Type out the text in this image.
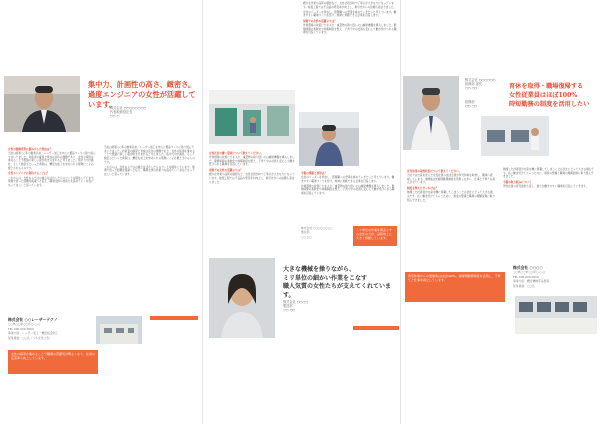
集中力、計画性の高さ、緻密さ。
過度エンジニアの女性が活躍しています。
株式会社 ○○○○○○○○
代表取締役社長
○○ ○
女性の積極登用に踏み出した理由は？

当社は昭和○○年の創業以来、レーザー加工を中心に製品づくりに取り組んでまいりました。技術者の確保と育成は長年の課題であり、女性の採用を進めることで組織に新しい風が吹き込まれると考えました。集中力や計画性、そして緻密さといった資質は、精密な加工を求められる現場にこそ必要とされるものです。

女性エンジニアに期待することは？

これからは、女性ならではの視点を活かしたものづくりを期待しています。現場で培った経験を後輩へと伝え、職場全体の技術力を高めていく存在になってほしいと思っています。

当社は昭和○○年の創業以来、レーザー加工を中心に製品づくりに取り組んでまいりました。技術者の確保と育成は長年の課題であり、女性の採用を進めることで組織に新しい風が吹き込まれると考えました。集中力や計画性、そして緻密さといった資質は、精密な加工を求められる現場にこそ必要とされるものです。

これからは、女性ならではの視点を活かしたものづくりを期待しています。現場で培った経験を後輩へと伝え、職場全体の技術力を高めていく存在になってほしいと思っています。

株式会社 ○○レーザーテクノ
○○県○○市○○町○-○-○
TEL 000-000-0000
事業内容：レーザー加工・精密板金加工
従業員数：○○名（うち女性○名）
女性の採用を進めることで職場の雰囲気が明るくなり、社員の定着率も向上しています。
女性社員の働く環境について教えてください。

作業環境の改善に力を入れ、重量物の取り扱いには補助機器を導入しました。勤務時間の柔軟化や休暇制度を整え、子育て中の社員も安心して働き続けられる職場を目指しています。

現場での女性の活躍ぶりは？

細かな作業や品質の確認など、女性社員が持つ丁寧さが大きな力になっています。検査工程では不良品の発見率が向上し、取引先からの信頼も高まりました。

今後の課題と展望は？

女性のリーダーを育成し、管理職への登用を進めていきたいと考えています。働きやすい職場づくりを続け、地域に貢献できる企業を目指します。

作業環境の改善に力を入れ、重量物の取り扱いには補助機器を導入しました。勤務時間の柔軟化や休暇制度を整え、子育て中の社員も安心して働き続けられる職場を目指しています。

細かな作業や品質の確認など、女性社員が持つ丁寧さが大きな力になっています。検査工程では不良品の発見率が向上し、取引先からの信頼も高まりました。

女性のリーダーを育成し、管理職への登用を進めていきたいと考えています。働きやすい職場づくりを続け、地域に貢献できる企業を目指します。

現場での女性の活躍ぶりは？

作業環境の改善に力を入れ、重量物の取り扱いには補助機器を導入しました。勤務時間の柔軟化や休暇制度を整え、子育て中の社員も安心して働き続けられる職場を目指しています。

株式会社 ○○○○○○○○
製造部
○○ ○○
ミリ単位の作業を得意とする女性の力が、品質向上に大きく貢献しています。
大きな機械を操りながら、
ミリ単位の細かい作業をこなす
職人気質の女性たちが支えてくれています。
株式会社 ○○○○
製造部
○○ ○○
株式会社 ○○○○○○
総務部 部長
○○ ○○
総務部
○○ ○○
育休を取得・職場復帰する
女性従業員はほぼ100%
時短勤務の制度を活用したい
育児休業の取得状況について教えてください。

当社では出産を迎えた女性社員のほぼ全員が育児休業を取得し、職場へ復帰しています。復帰後は短時間勤務制度を利用しながら、仕事と子育てを両立させています。

制度を整えたきっかけは？

熟練した技術者が出産を機に退職してしまうことは会社にとって大きな損失です。長く働き続けてもらうために、制度の整備と職場の理解促進に取り組んできました。

熟練した技術者が出産を機に退職してしまうことは会社にとって大きな損失です。長く働き続けてもらうために、制度の整備と職場の理解促進に取り組んできました。

今後の取り組みについて

男性社員の育児参加も促し、誰もが働きやすい職場を目指していきます。

株式会社 ○○○○
○○県○○市○○町○-○-○
TEL 000-000-0000
事業内容：精密機械部品製造
従業員数：○○名
育児休業からの復帰率はほぼ100%。短時間勤務制度を活用し、子育てと仕事を両立しています。
